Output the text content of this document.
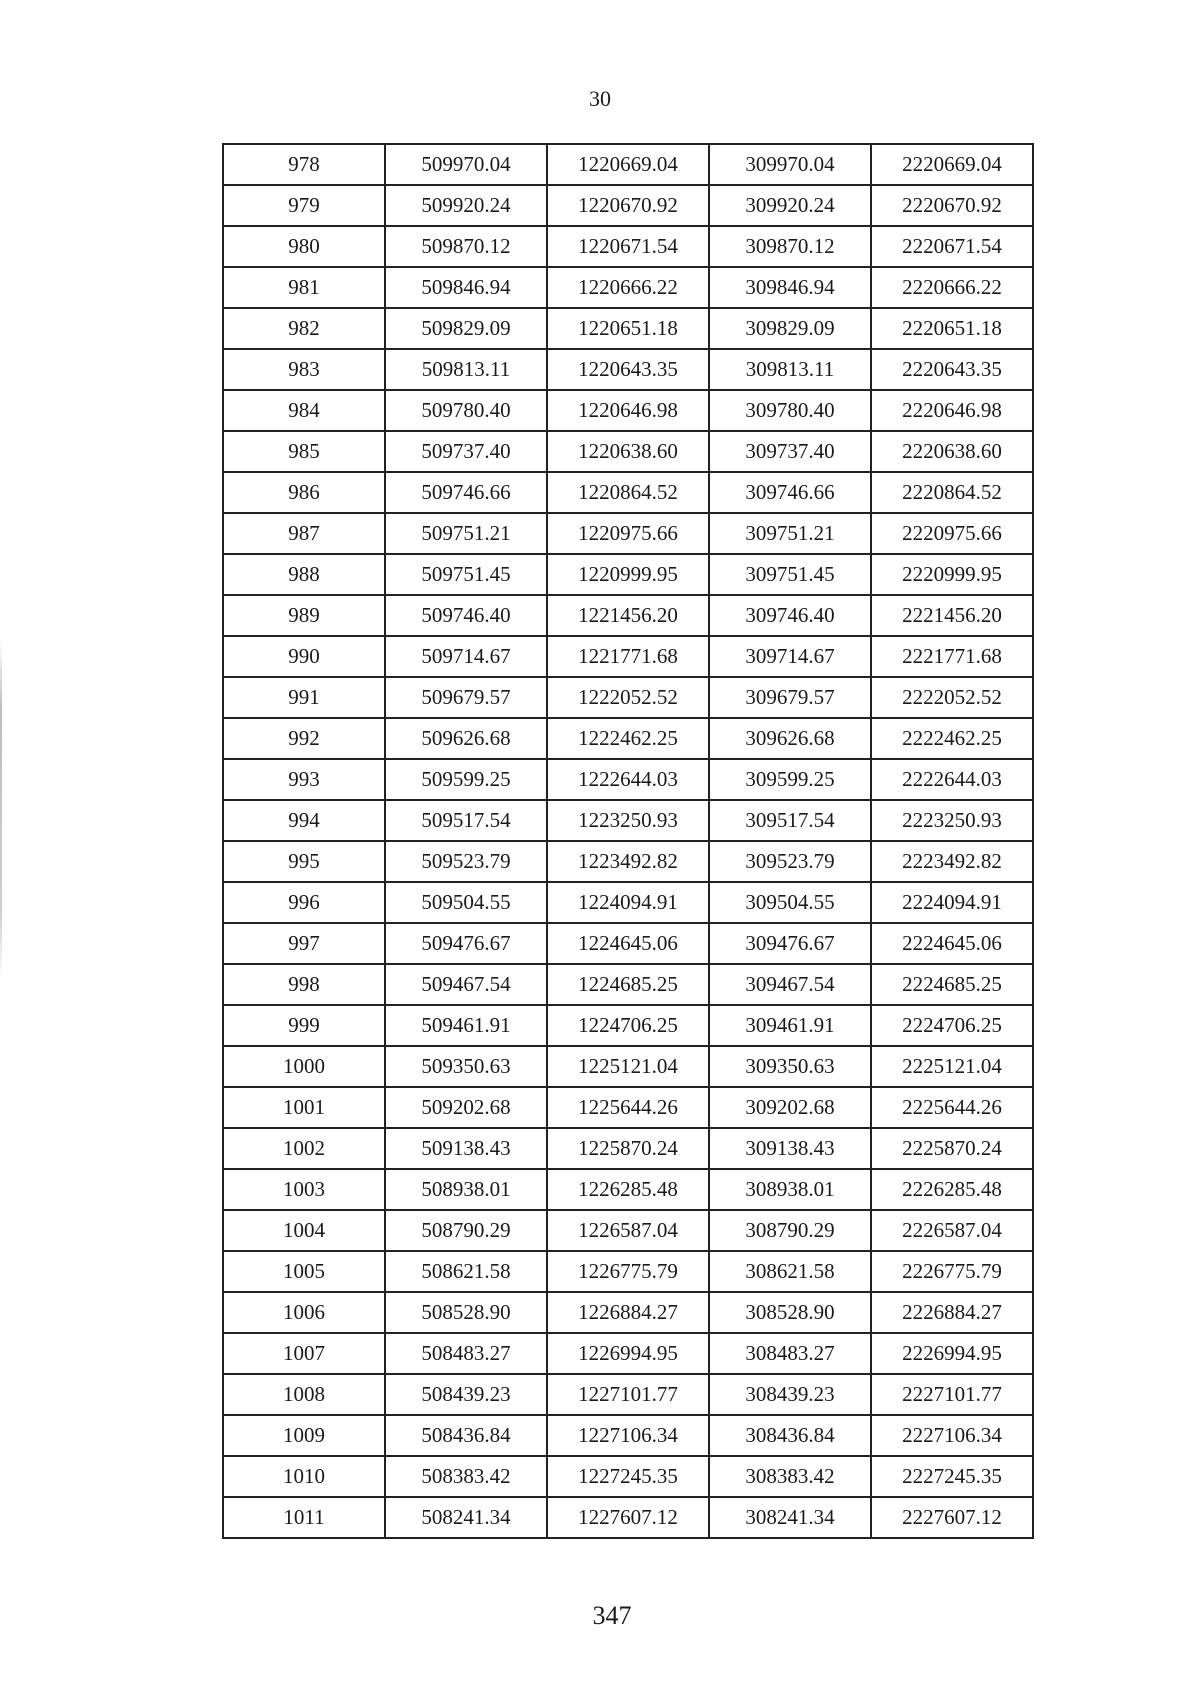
30
978	509970.04	1220669.04	309970.04	2220669.04
979	509920.24	1220670.92	309920.24	2220670.92
980	509870.12	1220671.54	309870.12	2220671.54
981	509846.94	1220666.22	309846.94	2220666.22
982	509829.09	1220651.18	309829.09	2220651.18
983	509813.11	1220643.35	309813.11	2220643.35
984	509780.40	1220646.98	309780.40	2220646.98
985	509737.40	1220638.60	309737.40	2220638.60
986	509746.66	1220864.52	309746.66	2220864.52
987	509751.21	1220975.66	309751.21	2220975.66
988	509751.45	1220999.95	309751.45	2220999.95
989	509746.40	1221456.20	309746.40	2221456.20
990	509714.67	1221771.68	309714.67	2221771.68
991	509679.57	1222052.52	309679.57	2222052.52
992	509626.68	1222462.25	309626.68	2222462.25
993	509599.25	1222644.03	309599.25	2222644.03
994	509517.54	1223250.93	309517.54	2223250.93
995	509523.79	1223492.82	309523.79	2223492.82
996	509504.55	1224094.91	309504.55	2224094.91
997	509476.67	1224645.06	309476.67	2224645.06
998	509467.54	1224685.25	309467.54	2224685.25
999	509461.91	1224706.25	309461.91	2224706.25
1000	509350.63	1225121.04	309350.63	2225121.04
1001	509202.68	1225644.26	309202.68	2225644.26
1002	509138.43	1225870.24	309138.43	2225870.24
1003	508938.01	1226285.48	308938.01	2226285.48
1004	508790.29	1226587.04	308790.29	2226587.04
1005	508621.58	1226775.79	308621.58	2226775.79
1006	508528.90	1226884.27	308528.90	2226884.27
1007	508483.27	1226994.95	308483.27	2226994.95
1008	508439.23	1227101.77	308439.23	2227101.77
1009	508436.84	1227106.34	308436.84	2227106.34
1010	508383.42	1227245.35	308383.42	2227245.35
1011	508241.34	1227607.12	308241.34	2227607.12
347
